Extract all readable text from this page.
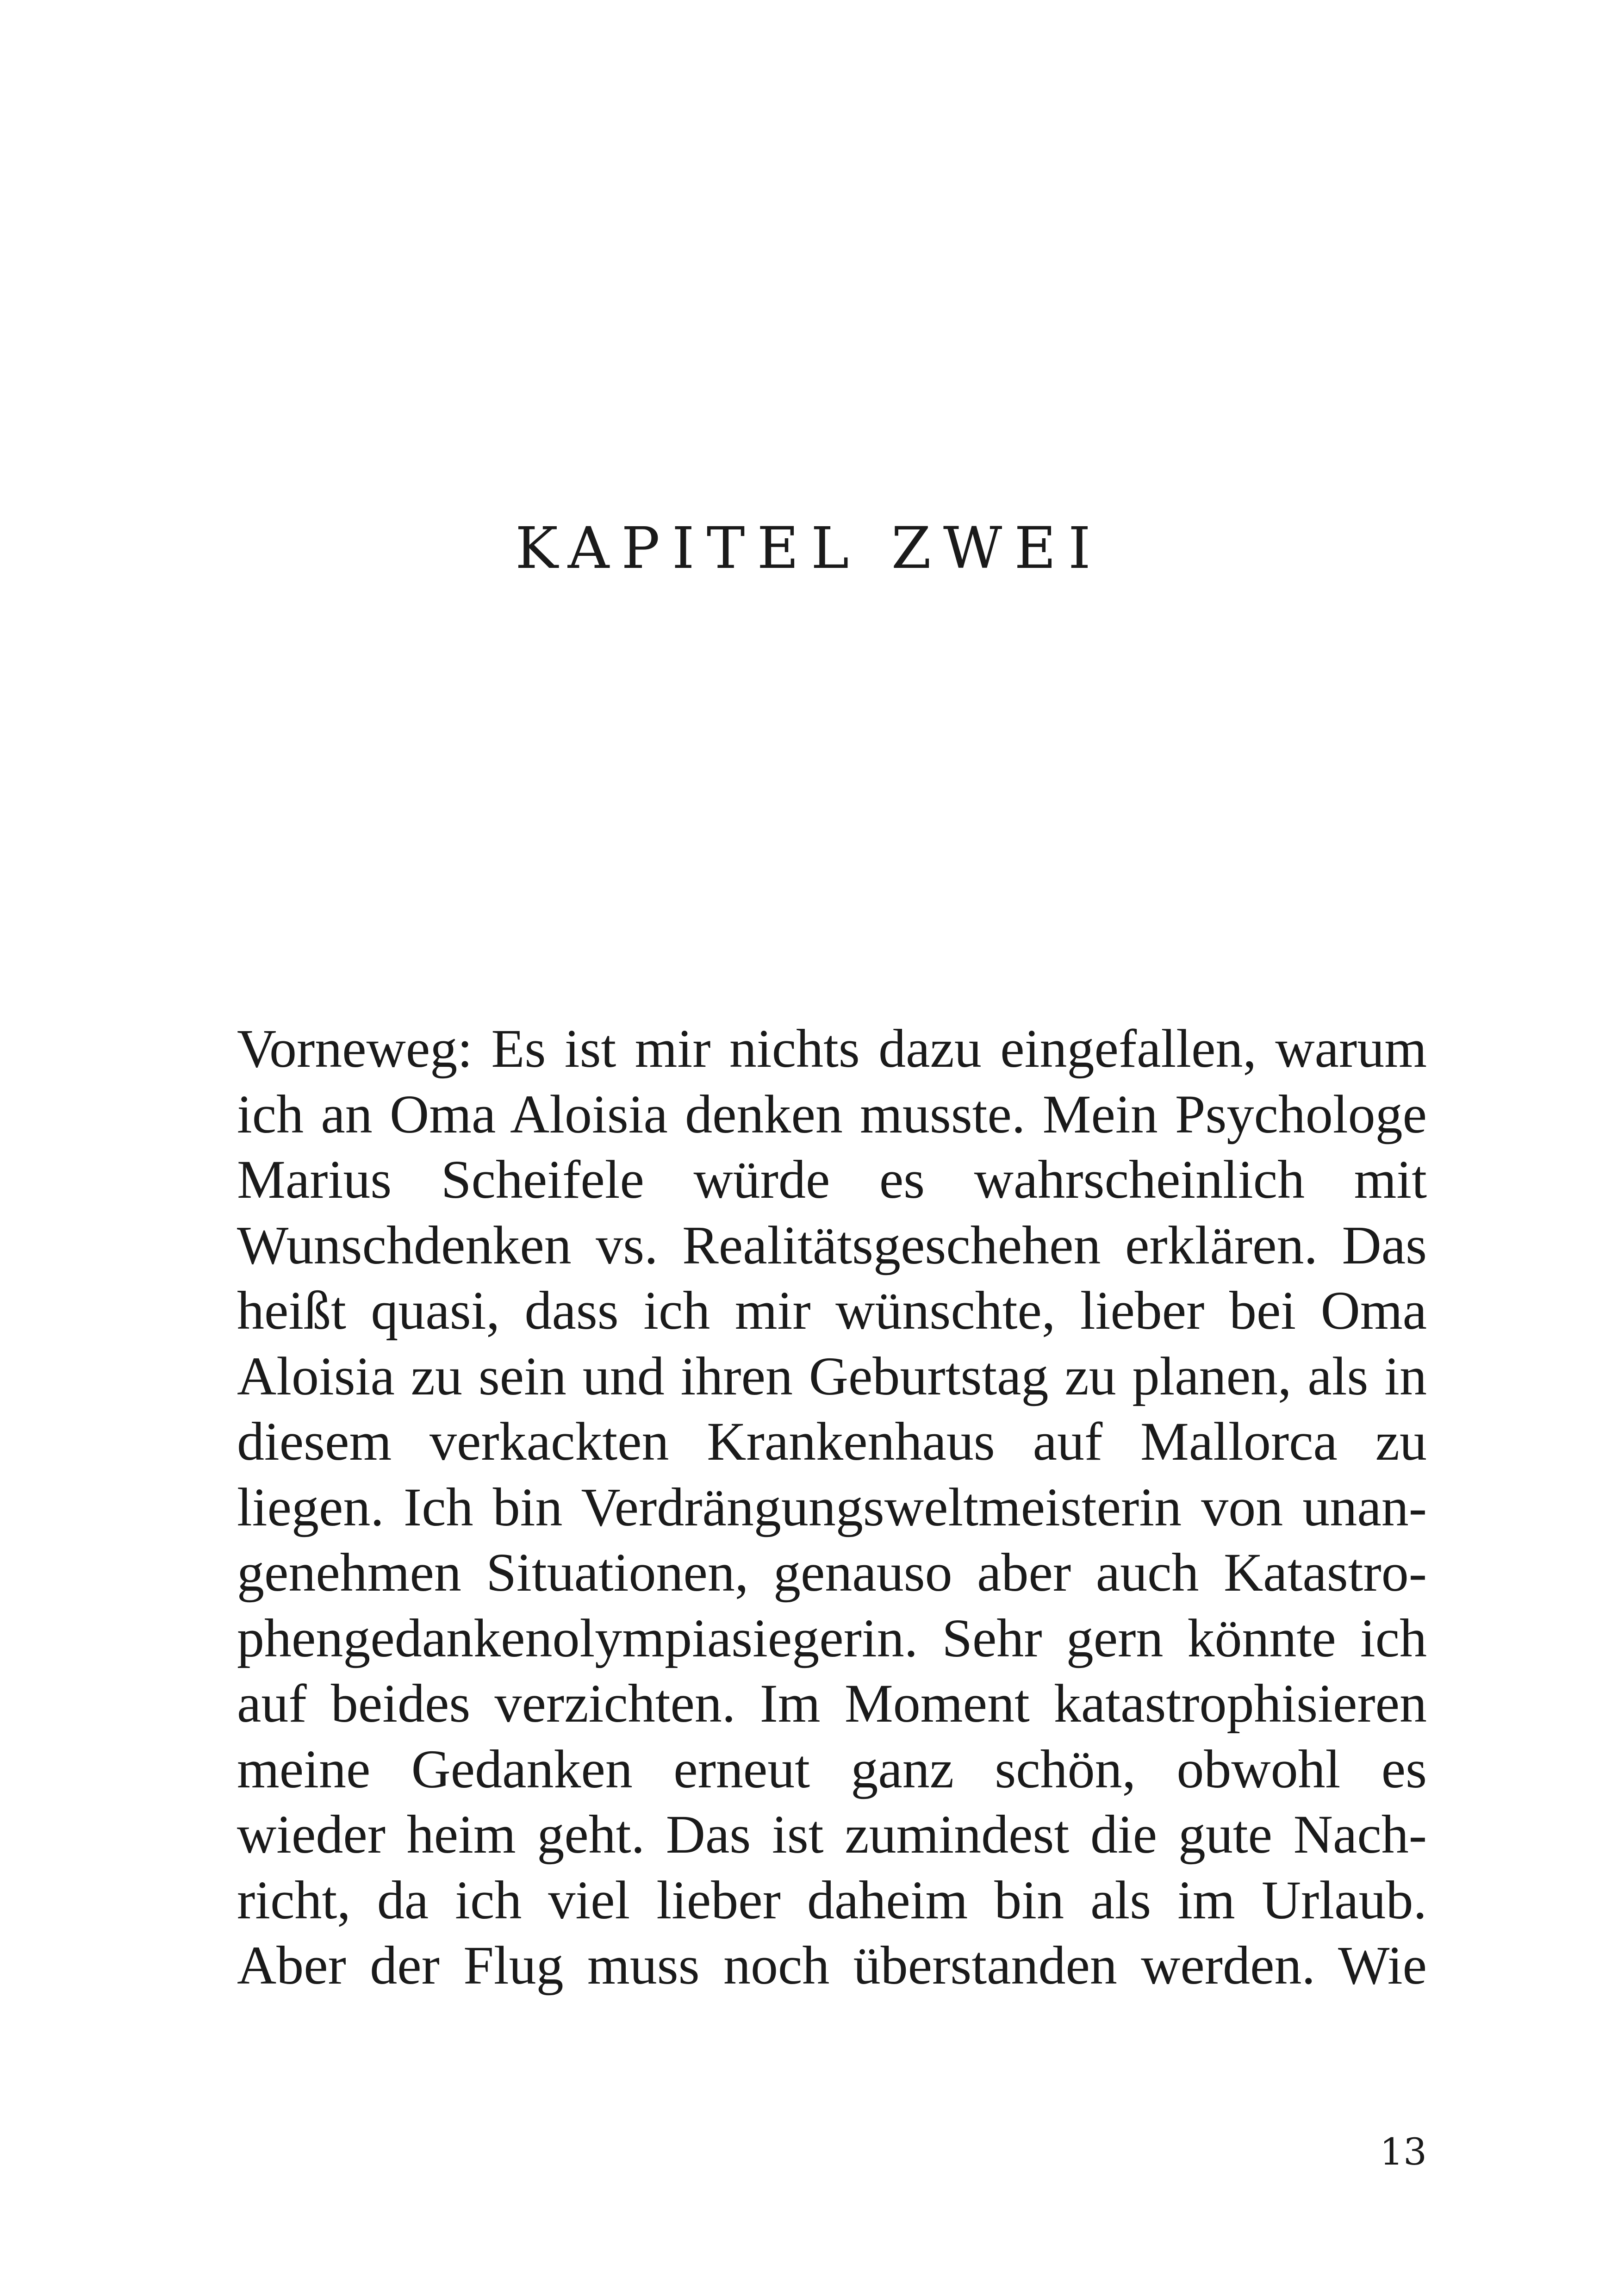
KAPITEL ZWEI
Vorneweg: Es ist mir nichts dazu eingefallen, warum
ich an Oma Aloisia denken musste. Mein Psychologe
Marius Scheifele würde es wahrscheinlich mit
Wunschdenken vs. Realitätsgeschehen erklären. Das
heißt quasi, dass ich mir wünschte, lieber bei Oma
Aloisia zu sein und ihren Geburtstag zu planen, als in
diesem verkackten Krankenhaus auf Mallorca zu
liegen. Ich bin Verdrängungsweltmeisterin von unan-
genehmen Situationen, genauso aber auch Katastro-
phengedankenolympiasiegerin. Sehr gern könnte ich
auf beides verzichten. Im Moment katastrophisieren
meine Gedanken erneut ganz schön, obwohl es
wieder heim geht. Das ist zumindest die gute Nach-
richt, da ich viel lieber daheim bin als im Urlaub.
Aber der Flug muss noch überstanden werden. Wie
13
